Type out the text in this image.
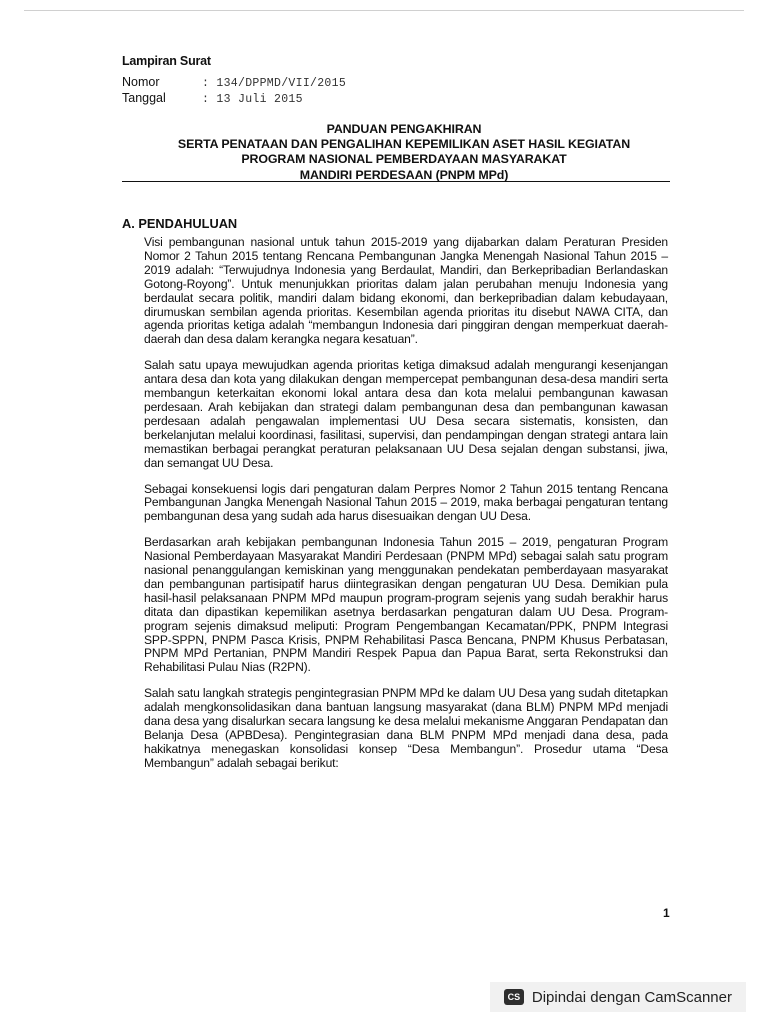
Lampiran Surat
Nomor	: 134/DPPMD/VII/2015
Tanggal	: 13 Juli 2015
PANDUAN PENGAKHIRAN
SERTA PENATAAN DAN PENGALIHAN KEPEMILIKAN ASET HASIL KEGIATAN
PROGRAM NASIONAL PEMBERDAYAAN MASYARAKAT
MANDIRI PERDESAAN (PNPM MPd)
A. PENDAHULUAN

Visi pembangunan nasional untuk tahun 2015-2019 yang dijabarkan dalam Peraturan Presiden Nomor 2 Tahun 2015 tentang Rencana Pembangunan Jangka Menengah Nasional Tahun 2015 – 2019 adalah: “Terwujudnya Indonesia yang Berdaulat, Mandiri, dan Berkepribadian Berlandaskan Gotong-Royong”. Untuk menunjukkan prioritas dalam jalan perubahan menuju Indonesia yang berdaulat secara politik, mandiri dalam bidang ekonomi, dan berkepribadian dalam kebudayaan, dirumuskan sembilan agenda prioritas. Kesembilan agenda prioritas itu disebut NAWA CITA, dan agenda prioritas ketiga adalah “membangun Indonesia dari pinggiran dengan memperkuat daerah-daerah dan desa dalam kerangka negara kesatuan”.

Salah satu upaya mewujudkan agenda prioritas ketiga dimaksud adalah mengurangi kesenjangan antara desa dan kota yang dilakukan dengan mempercepat pembangunan desa-desa mandiri serta membangun keterkaitan ekonomi lokal antara desa dan kota melalui pembangunan kawasan perdesaan. Arah kebijakan dan strategi dalam pembangunan desa dan pembangunan kawasan perdesaan adalah pengawalan implementasi UU Desa secara sistematis, konsisten, dan berkelanjutan melalui koordinasi, fasilitasi, supervisi, dan pendampingan dengan strategi antara lain memastikan berbagai perangkat peraturan pelaksanaan UU Desa sejalan dengan substansi, jiwa, dan semangat UU Desa.

Sebagai konsekuensi logis dari pengaturan dalam Perpres Nomor 2 Tahun 2015 tentang Rencana Pembangunan Jangka Menengah Nasional Tahun 2015 – 2019, maka berbagai pengaturan tentang pembangunan desa yang sudah ada harus disesuaikan dengan UU Desa.

Berdasarkan arah kebijakan pembangunan Indonesia Tahun 2015 – 2019, pengaturan Program Nasional Pemberdayaan Masyarakat Mandiri Perdesaan (PNPM MPd) sebagai salah satu program nasional penanggulangan kemiskinan yang menggunakan pendekatan pemberdayaan masyarakat dan pembangunan partisipatif harus diintegrasikan dengan pengaturan UU Desa. Demikian pula hasil-hasil pelaksanaan PNPM MPd maupun program-program sejenis yang sudah berakhir harus ditata dan dipastikan kepemilikan asetnya berdasarkan pengaturan dalam UU Desa. Program-program sejenis dimaksud meliputi: Program Pengembangan Kecamatan/PPK, PNPM Integrasi SPP-SPPN, PNPM Pasca Krisis, PNPM Rehabilitasi Pasca Bencana, PNPM Khusus Perbatasan, PNPM MPd Pertanian, PNPM Mandiri Respek Papua dan Papua Barat, serta Rekonstruksi dan Rehabilitasi Pulau Nias (R2PN).

Salah satu langkah strategis pengintegrasian PNPM MPd ke dalam UU Desa yang sudah ditetapkan adalah mengkonsolidasikan dana bantuan langsung masyarakat (dana BLM) PNPM MPd menjadi dana desa yang disalurkan secara langsung ke desa melalui mekanisme Anggaran Pendapatan dan Belanja Desa (APBDesa). Pengintegrasian dana BLM PNPM MPd menjadi dana desa, pada hakikatnya menegaskan konsolidasi konsep “Desa Membangun”. Prosedur utama “Desa Membangun” adalah sebagai berikut:

1
CS Dipindai dengan CamScanner
